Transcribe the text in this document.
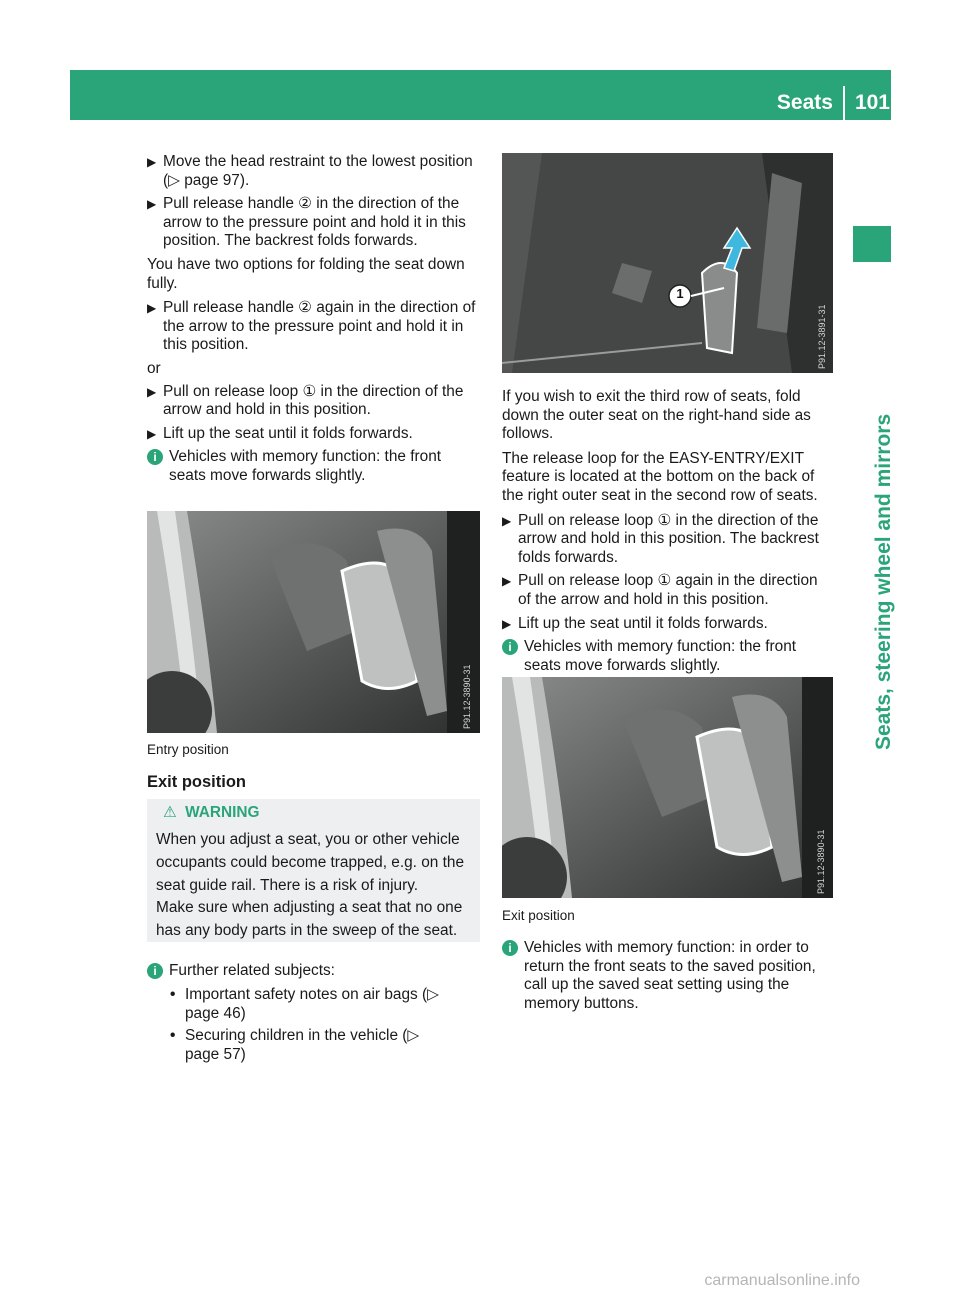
Seats 101
Seats, steering wheel and mirrors
▶ Move the head restraint to the lowest position (▷ page 97).
▶ Pull release handle ② in the direction of the arrow to the pressure point and hold it in this position. The backrest folds forwards.

You have two options for folding the seat down fully.

▶ Pull release handle ② again in the direction of the arrow to the pressure point and hold it in this position.

or

▶ Pull on release loop ① in the direction of the arrow and hold in this position.
▶ Lift up the seat until it folds forwards.
i Vehicles with memory function: the front seats move forwards slightly.
P91.12-3890-31
Entry position
Exit position
⚠ WARNING
When you adjust a seat, you or other vehicle occupants could become trapped, e.g. on the seat guide rail. There is a risk of injury.
Make sure when adjusting a seat that no one has any body parts in the sweep of the seat.
i Further related subjects:
• Important safety notes on air bags (▷ page 46)
• Securing children in the vehicle (▷ page 57)
1
P91.12-3891-31

If you wish to exit the third row of seats, fold down the outer seat on the right-hand side as follows.

The release loop for the EASY-ENTRY/EXIT feature is located at the bottom on the back of the right outer seat in the second row of seats.

▶ Pull on release loop ① in the direction of the arrow and hold in this position. The backrest folds forwards.
▶ Pull on release loop ① again in the direction of the arrow and hold in this position.
▶ Lift up the seat until it folds forwards.
i Vehicles with memory function: the front seats move forwards slightly.
P91.12-3890-31
Exit position
i Vehicles with memory function: in order to return the front seats to the saved position, call up the saved seat setting using the memory buttons.
carmanualsonline.info
